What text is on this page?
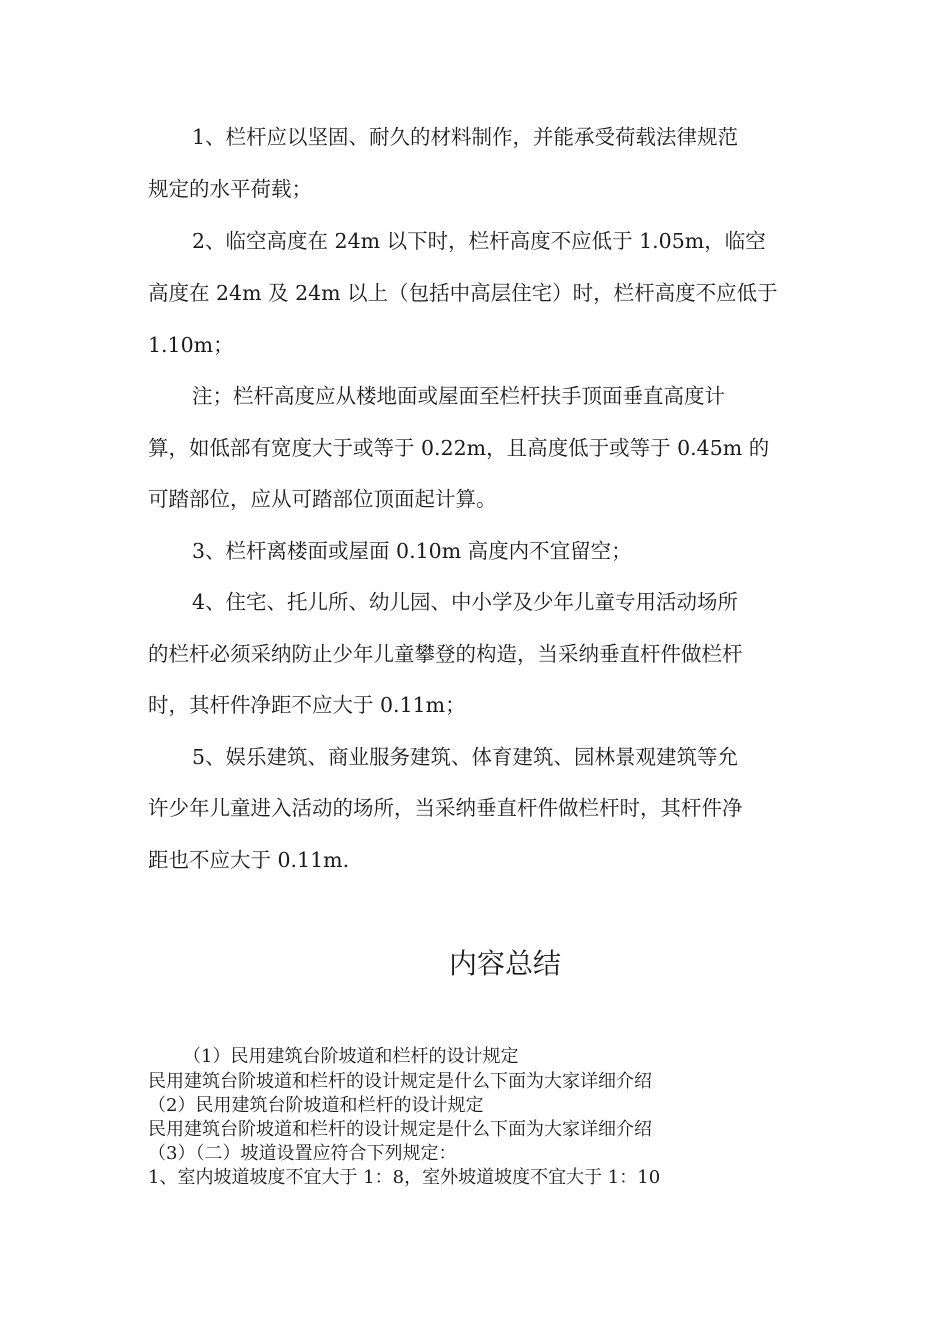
1、栏杆应以坚固、耐久的材料制作，并能承受荷载法律规范
规定的水平荷载；
2、临空高度在 24m 以下时，栏杆高度不应低于 1.05m，临空
高度在 24m 及 24m 以上（包括中高层住宅）时，栏杆高度不应低于
1.10m；
注；栏杆高度应从楼地面或屋面至栏杆扶手顶面垂直高度计
算，如低部有宽度大于或等于 0.22m，且高度低于或等于 0.45m 的
可踏部位，应从可踏部位顶面起计算。
3、栏杆离楼面或屋面 0.10m 高度内不宜留空；
4、住宅、托儿所、幼儿园、中小学及少年儿童专用活动场所
的栏杆必须采纳防止少年儿童攀登的构造，当采纳垂直杆件做栏杆
时，其杆件净距不应大于 0.11m；
5、娱乐建筑、商业服务建筑、体育建筑、园林景观建筑等允
许少年儿童进入活动的场所，当采纳垂直杆件做栏杆时，其杆件净
距也不应大于 0.11m.
内容总结
（1）民用建筑台阶坡道和栏杆的设计规定
民用建筑台阶坡道和栏杆的设计规定是什么下面为大家详细介绍
（2）民用建筑台阶坡道和栏杆的设计规定
民用建筑台阶坡道和栏杆的设计规定是什么下面为大家详细介绍
（3）（二）坡道设置应符合下列规定：
1、室内坡道坡度不宜大于 1：8，室外坡道坡度不宜大于 1：10
